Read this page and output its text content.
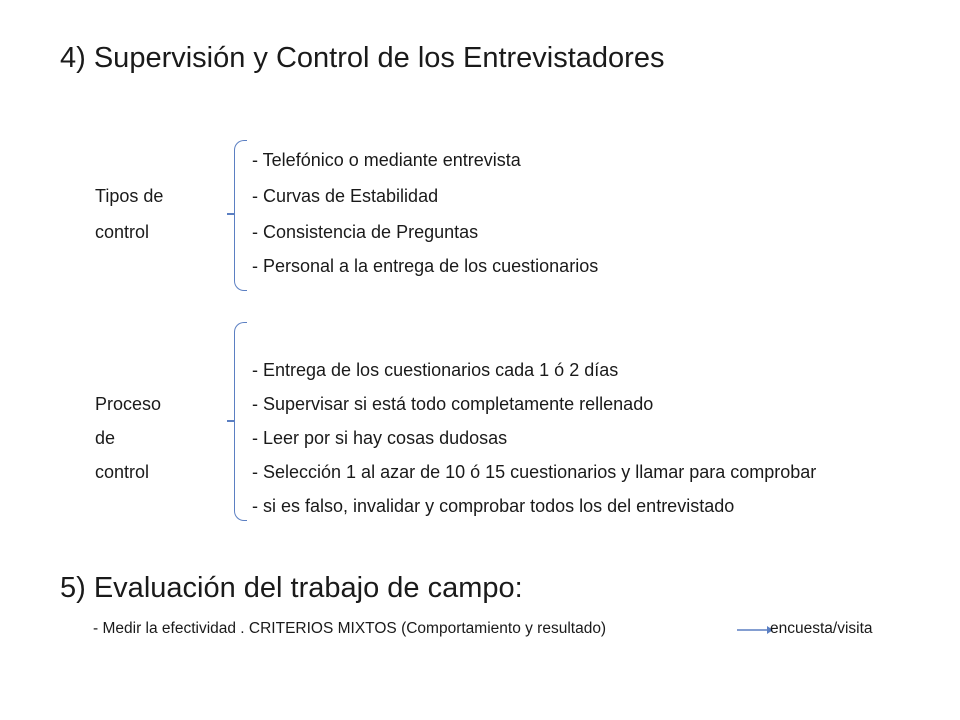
4) Supervisión y Control de los Entrevistadores
Tipos de
control
- Telefónico o mediante entrevista
- Curvas de Estabilidad
- Consistencia de Preguntas
- Personal a la entrega de los cuestionarios
Proceso
de
control
- Entrega de los cuestionarios cada 1 ó 2 días
- Supervisar si está todo completamente rellenado
- Leer por si hay cosas dudosas
- Selección 1 al azar de 10 ó 15 cuestionarios y llamar para comprobar
- si es falso, invalidar y comprobar todos los del entrevistado
5) Evaluación del trabajo de campo:
- Medir la efectividad . CRITERIOS MIXTOS (Comportamiento y resultado)	encuesta/visita
